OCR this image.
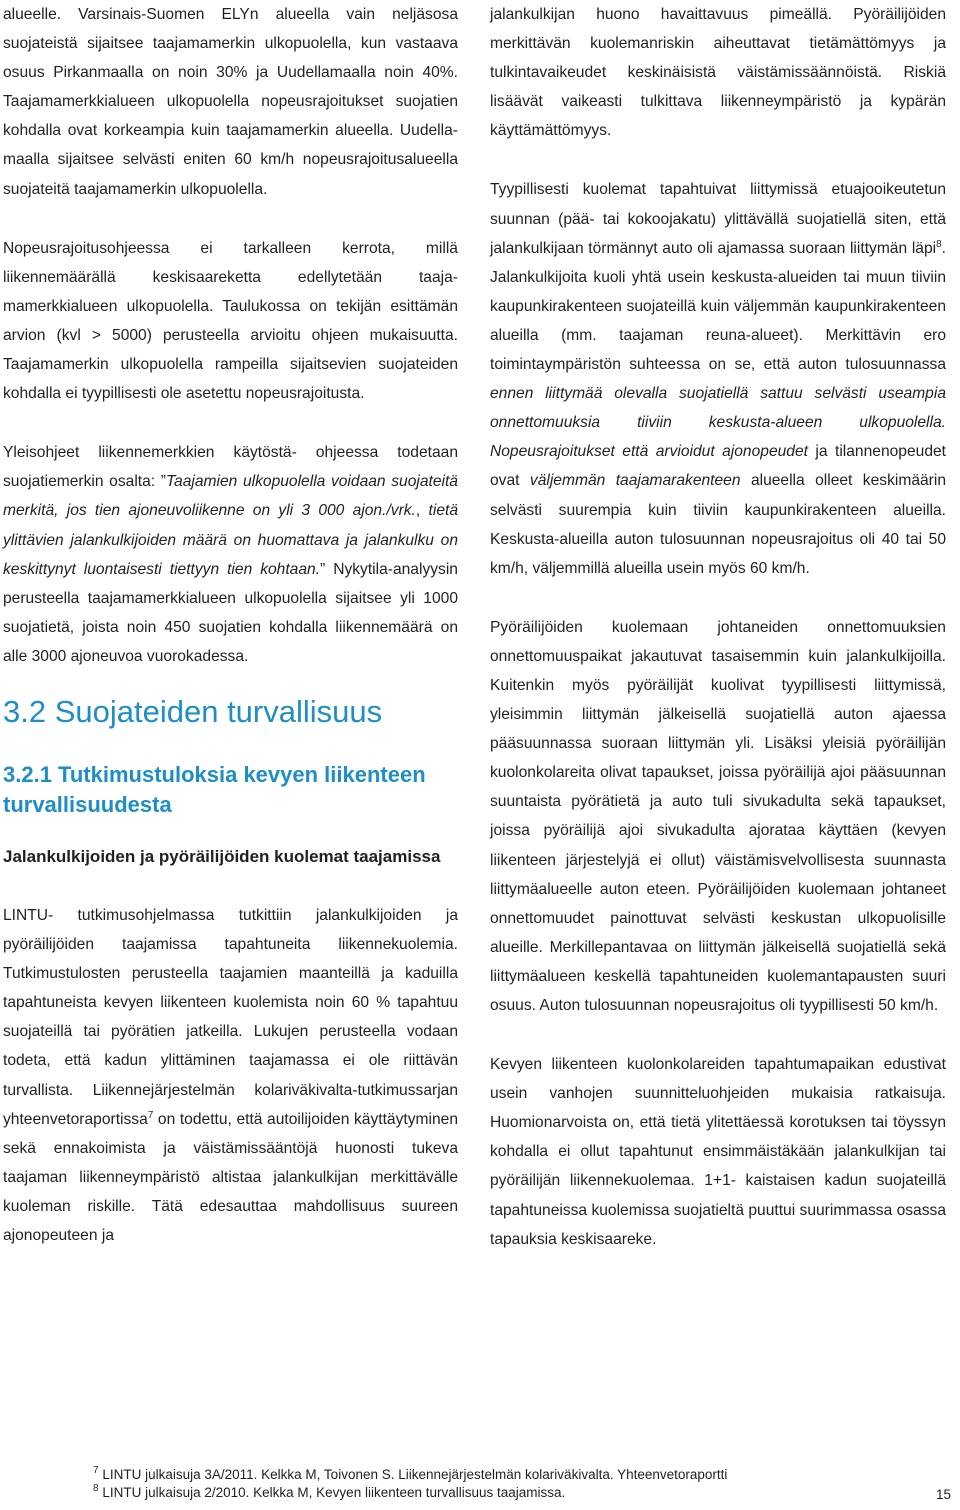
alueelle. Varsinais-Suomen ELYn alueella vain neljäsosa suojateistä sijaitsee taajamamerkin ulkopuolella, kun vastaava osuus Pirkanmaalla on noin 30% ja Uudellamaalla noin 40%. Taajamamerkkialueen ulkopuolella nopeusrajoitukset suojatien kohdalla ovat korkeampia kuin taajamamerkin alueella. Uudellamaalla sijaitsee selvästi eniten 60 km/h nopeusrajoitusalueella suojateitä taajamamerkin ulkopuolella.

Nopeusrajoitusohjeessa ei tarkalleen kerrota, millä liikennemäärällä keskisaareketta edellytetään taajamamerkkialueen ulkopuolella. Taulukossa on tekijän esittämän arvion (kvl > 5000) perusteella arvioitu ohjeen mukaisuutta. Taajamamerkin ulkopuolella rampeilla sijaitsevien suojateiden kohdalla ei tyypillisesti ole asetettu nopeusrajoitusta.

Yleisohjeet liikennemerkkien käytöstä- ohjeessa todetaan suojatiemerkin osalta: ”Taajamien ulkopuolella voidaan suojateitä merkitä, jos tien ajoneuvoliikenne on yli 3 000 ajon./vrk., tietä ylittävien jalankulkijoiden määrä on huomattava ja jalankulku on keskittynyt luontaisesti tiettyyn tien kohtaan.” Nykytila-analyysin perusteella taajamamerkkialueen ulkopuolella sijaitsee yli 1000 suojatietä, joista noin 450 suojatien kohdalla liikennemäärä on alle 3000 ajoneuvoa vuorokadessa.

3.2 Suojateiden turvallisuus
3.2.1 Tutkimustuloksia kevyen liikenteen turvallisuudesta
Jalankulkijoiden ja pyöräilijöiden kuolemat taajamissa

LINTU- tutkimusohjelmassa tutkittiin jalankulkijoiden ja pyöräilijöiden taajamissa tapahtuneita liikennekuolemia. Tutkimustulosten perusteella taajamien maanteillä ja kaduilla tapahtuneista kevyen liikenteen kuolemista noin 60 % tapahtuu suojateillä tai pyörätien jatkeilla. Lukujen perusteella vodaan todeta, että kadun ylittäminen taajamassa ei ole riittävän turvallista. Liikennejärjestelmän kolariväkivalta-tutkimussarjan yhteenvetoraportissa$^7$ on todettu, että autoilijoiden käyttäytyminen sekä ennakoimista ja väistämissääntöjä huonosti tukeva taajaman liikenneympäristö altistaa jalankulkijan merkittävälle kuoleman riskille. Tätä edesauttaa mahdollisuus suureen ajonopeuteen ja

jalankulkijan huono havaittavuus pimeällä. Pyöräilijöiden merkittävän kuolemanriskin aiheuttavat tietämättömyys ja tulkintavaikeudet keskinäisistä väistämissäännöistä. Riskiä lisäävät vaikeasti tulkittava liikenneympäristö ja kypärän käyttämättömyys.

Tyypillisesti kuolemat tapahtuivat liittymissä etuajooikeutetun suunnan (pää- tai kokoojakatu) ylittävällä suojatiellä siten, että jalankulkijaan törmännyt auto oli ajamassa suoraan liittymän läpi$^8$. Jalankulkijoita kuoli yhtä usein keskusta-alueiden tai muun tiiviin kaupunkirakenteen suojateillä kuin väljemmän kaupunkirakenteen alueilla (mm. taajaman reuna-alueet). Merkittävin ero toimintaympäristön suhteessa on se, että auton tulosuunnassa ennen liittymää olevalla suojatiellä sattuu selvästi useampia onnettomuuksia tiiviin keskusta-alueen ulkopuolella. Nopeusrajoitukset että arvioidut ajonopeudet ja tilannenopeudet ovat väljemmän taajamarakenteen alueella olleet keskimäärin selvästi suurempia kuin tiiviin kaupunkirakenteen alueilla. Keskusta-alueilla auton tulosuunnan nopeusrajoitus oli 40 tai 50 km/h, väljemmillä alueilla usein myös 60 km/h.

Pyöräilijöiden kuolemaan johtaneiden onnettomuuksien onnettomuuspaikat jakautuvat tasaisemmin kuin jalankulkijoilla. Kuitenkin myös pyöräilijät kuolivat tyypillisesti liittymissä, yleisimmin liittymän jälkeisellä suojatiellä auton ajaessa pääsuunnassa suoraan liittymän yli. Lisäksi yleisiä pyöräilijän kuolonkolareita olivat tapaukset, joissa pyöräilijä ajoi pääsuunnan suuntaista pyörätietä ja auto tuli sivukadulta sekä tapaukset, joissa pyöräilijä ajoi sivukadulta ajorataa käyttäen (kevyen liikenteen järjestelyjä ei ollut) väistämisvelvollisesta suunnasta liittymäalueelle auton eteen. Pyöräilijöiden kuolemaan johtaneet onnettomuudet painottuvat selvästi keskustan ulkopuolisille alueille. Merkillepantavaa on liittymän jälkeisellä suojatiellä sekä liittymäalueen keskellä tapahtuneiden kuolemantapausten suuri osuus. Auton tulosuunnan nopeusrajoitus oli tyypillisesti 50 km/h.

Kevyen liikenteen kuolonkolareiden tapahtumapaikan edustivat usein vanhojen suunnitteluohjeiden mukaisia ratkaisuja. Huomionarvoista on, että tietä ylitettäessä korotuksen tai töyssyn kohdalla ei ollut tapahtunut ensimmäistäkään jalankulkijan tai pyöräilijän liikennekuolemaa. 1+1- kaistaisen kadun suojateillä tapahtuneissa kuolemissa suojatieltä puuttui suurimmassa osassa tapauksia keskisaareke.

$^7$ LINTU julkaisuja 3A/2011. Kelkka M, Toivonen S. Liikennejärjestelmän kolariväkivalta. Yhteenvetoraportti
$^8$ LINTU julkaisuja 2/2010. Kelkka M, Kevyen liikenteen turvallisuus taajamissa.	15
